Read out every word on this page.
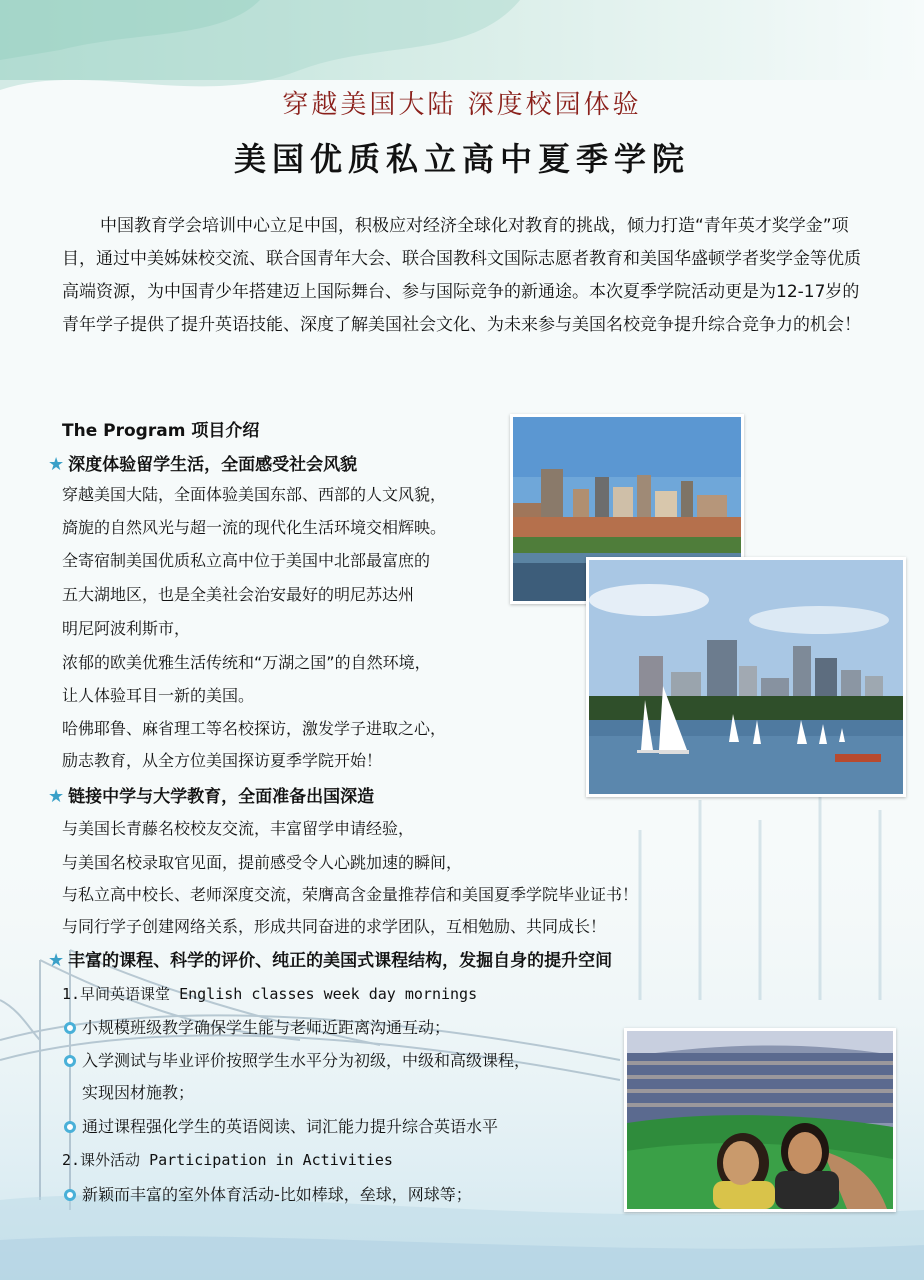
穿越美国大陆 深度校园体验
美国优质私立高中夏季学院

中国教育学会培训中心立足中国，积极应对经济全球化对教育的挑战，倾力打造“青年英才奖学金”项目，通过中美姊妹校交流、联合国青年大会、联合国教科文国际志愿者教育和美国华盛顿学者奖学金等优质高端资源，为中国青少年搭建迈上国际舞台、参与国际竞争的新通途。本次夏季学院活动更是为12-17岁的青年学子提供了提升英语技能、深度了解美国社会文化、为未来参与美国名校竞争提升综合竞争力的机会！

The Program 项目介绍
★ 深度体验留学生活，全面感受社会风貌
穿越美国大陆，全面体验美国东部、西部的人文风貌，
旖旎的自然风光与超一流的现代化生活环境交相辉映。
全寄宿制美国优质私立高中位于美国中北部最富庶的
五大湖地区，也是全美社会治安最好的明尼苏达州
明尼阿波利斯市，
浓郁的欧美优雅生活传统和“万湖之国”的自然环境，
让人体验耳目一新的美国。
哈佛耶鲁、麻省理工等名校探访，激发学子进取之心，
励志教育，从全方位美国探访夏季学院开始！
★ 链接中学与大学教育，全面准备出国深造
与美国长青藤名校校友交流，丰富留学申请经验，
与美国名校录取官见面，提前感受令人心跳加速的瞬间，
与私立高中校长、老师深度交流，荣膺高含金量推荐信和美国夏季学院毕业证书！
与同行学子创建网络关系，形成共同奋进的求学团队，互相勉励、共同成长！
★ 丰富的课程、科学的评价、纯正的美国式课程结构，发掘自身的提升空间
1.早间英语课堂 English classes week day mornings
小规模班级教学确保学生能与老师近距离沟通互动；
入学测试与毕业评价按照学生水平分为初级，中级和高级课程，
实现因材施教；
通过课程强化学生的英语阅读、词汇能力提升综合英语水平
2.课外活动 Participation in Activities
新颖而丰富的室外体育活动-比如棒球，垒球，网球等；
